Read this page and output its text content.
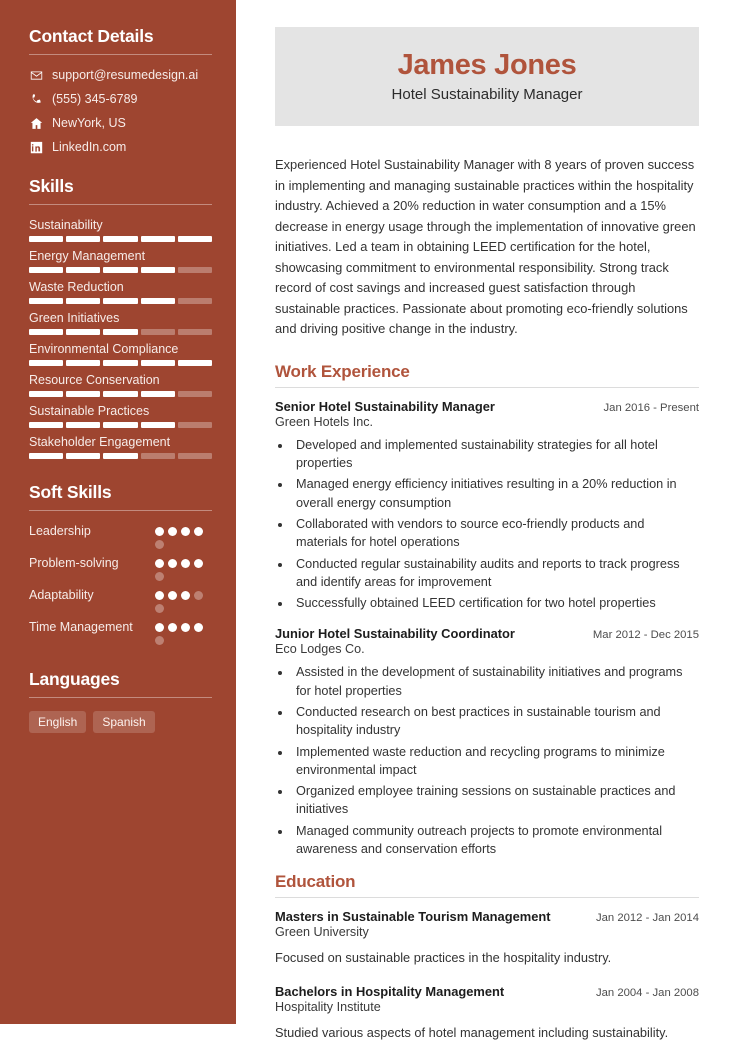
Contact Details
support@resumedesign.ai
(555) 345-6789
NewYork, US
LinkedIn.com
Skills
Sustainability
Energy Management
Waste Reduction
Green Initiatives
Environmental Compliance
Resource Conservation
Sustainable Practices
Stakeholder Engagement
Soft Skills
Leadership
Problem-solving
Adaptability
Time Management
Languages
English	Spanish
James Jones
Hotel Sustainability Manager

Experienced Hotel Sustainability Manager with 8 years of proven success in implementing and managing sustainable practices within the hospitality industry. Achieved a 20% reduction in water consumption and a 15% decrease in energy usage through the implementation of innovative green initiatives. Led a team in obtaining LEED certification for the hotel, showcasing commitment to environmental responsibility. Strong track record of cost savings and increased guest satisfaction through sustainable practices. Passionate about promoting eco-friendly solutions and driving positive change in the industry.

Work Experience
Senior Hotel Sustainability Manager	Jan 2016 - Present
Green Hotels Inc.
• Developed and implemented sustainability strategies for all hotel properties
• Managed energy efficiency initiatives resulting in a 20% reduction in overall energy consumption
• Collaborated with vendors to source eco-friendly products and materials for hotel operations
• Conducted regular sustainability audits and reports to track progress and identify areas for improvement
• Successfully obtained LEED certification for two hotel properties
Junior Hotel Sustainability Coordinator	Mar 2012 - Dec 2015
Eco Lodges Co.
• Assisted in the development of sustainability initiatives and programs for hotel properties
• Conducted research on best practices in sustainable tourism and hospitality industry
• Implemented waste reduction and recycling programs to minimize environmental impact
• Organized employee training sessions on sustainable practices and initiatives
• Managed community outreach projects to promote environmental awareness and conservation efforts
Education
Masters in Sustainable Tourism Management	Jan 2012 - Jan 2014
Green University
Focused on sustainable practices in the hospitality industry.
Bachelors in Hospitality Management	Jan 2004 - Jan 2008
Hospitality Institute
Studied various aspects of hotel management including sustainability.
